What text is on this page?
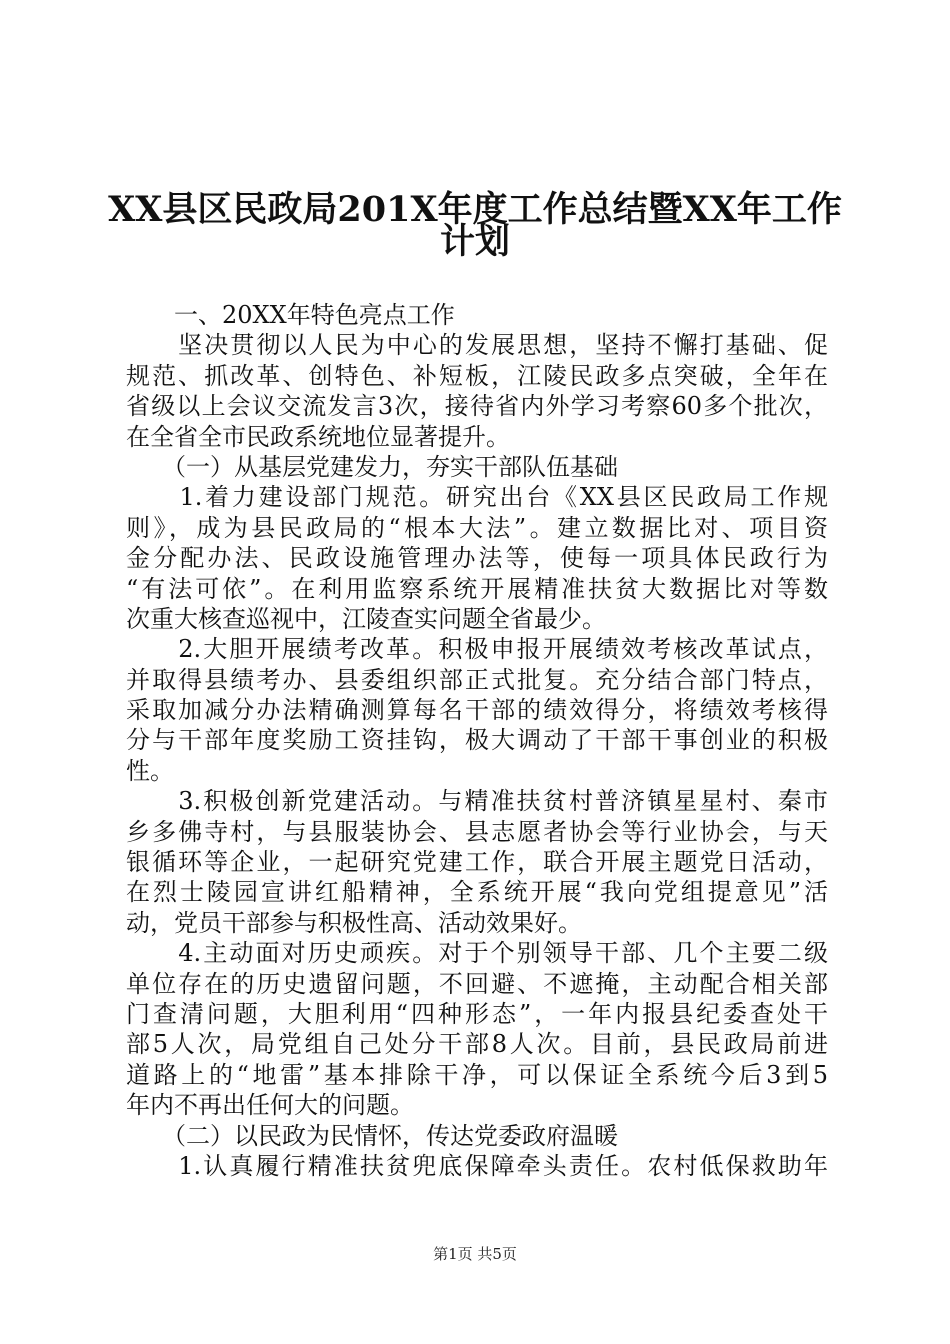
XX县区民政局201X年度工作总结暨XX年工作
计划
　　一、20XX年特色亮点工作
　　坚决贯彻以人民为中心的发展思想，坚持不懈打基础、促
规范、抓改革、创特色、补短板，江陵民政多点突破，全年在
省级以上会议交流发言3次，接待省内外学习考察60多个批次，
在全省全市民政系统地位显著提升。
　　（一）从基层党建发力，夯实干部队伍基础
　　1.着力建设部门规范。研究出台《XX县区民政局工作规
则》，成为县民政局的“根本大法”。建立数据比对、项目资
金分配办法、民政设施管理办法等，使每一项具体民政行为
“有法可依”。在利用监察系统开展精准扶贫大数据比对等数
次重大核查巡视中，江陵查实问题全省最少。
　　2.大胆开展绩考改革。积极申报开展绩效考核改革试点，
并取得县绩考办、县委组织部正式批复。充分结合部门特点，
采取加减分办法精确测算每名干部的绩效得分，将绩效考核得
分与干部年度奖励工资挂钩，极大调动了干部干事创业的积极
性。
　　3.积极创新党建活动。与精准扶贫村普济镇星星村、秦市
乡多佛寺村，与县服装协会、县志愿者协会等行业协会，与天
银循环等企业，一起研究党建工作，联合开展主题党日活动，
在烈士陵园宣讲红船精神，全系统开展“我向党组提意见”活
动，党员干部参与积极性高、活动效果好。
　　4.主动面对历史顽疾。对于个别领导干部、几个主要二级
单位存在的历史遗留问题，不回避、不遮掩，主动配合相关部
门查清问题，大胆利用“四种形态”，一年内报县纪委查处干
部5人次，局党组自己处分干部8人次。目前，县民政局前进
道路上的“地雷”基本排除干净，可以保证全系统今后3到5
年内不再出任何大的问题。
　　（二）以民政为民情怀，传达党委政府温暖
　　1.认真履行精准扶贫兜底保障牵头责任。农村低保救助年
第1页 共5页
